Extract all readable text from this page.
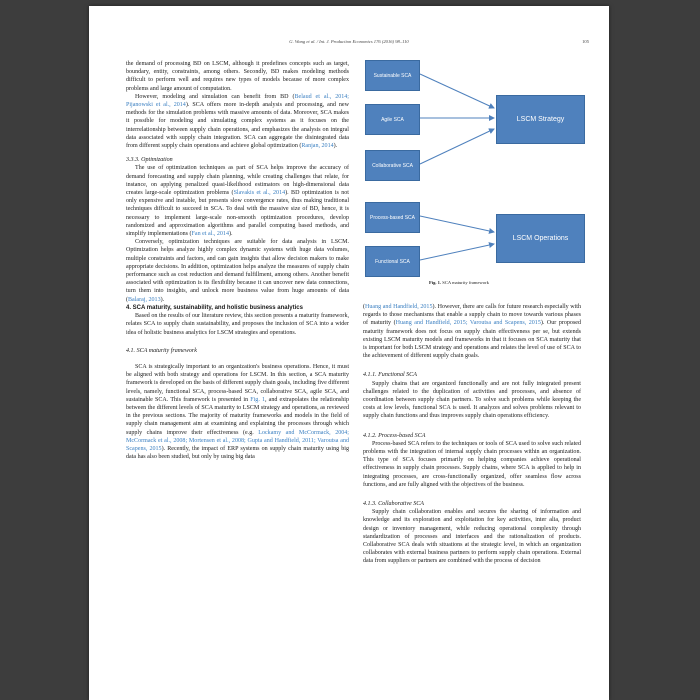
G. Wang et al. / Int. J. Production Economics 176 (2016) 98–110	105

the demand of processing BD on LSCM, although it predefines concepts such as target, boundary, entity, constraints, among others. Secondly, BD makes modeling methods difficult to perform well and requires new types of models because of more complex problems and large amount of computation.

However, modeling and simulation can benefit from BD (Belaud et al., 2014; Pijanowski et al., 2014). SCA offers more in-depth analysis and processing, and new methods for the simulation problems with massive amounts of data. Moreover, SCA makes it possible for modeling and simulating complex systems as it focuses on the interrelationship between supply chain operations, and emphasizes the analysis on integral data associated with supply chain integration. SCA can aggregate the disintegrated data from different supply chain operations and achieve global optimization (Ranjan, 2014).

3.3.3. Optimization

The use of optimization techniques as part of SCA helps improve the accuracy of demand forecasting and supply chain planning, while creating challenges that relate, for instance, on applying penalized quasi-likelihood estimators on high-dimensional data creates large-scale optimization problems (Slavakis et al., 2014). BD optimization is not only expensive and instable, but presents slow convergence rates, thus making traditional techniques difficult to succeed in SCA. To deal with the massive size of BD, hence, it is necessary to implement large-scale non-smooth optimization procedures, develop randomized and approximation algorithms and parallel computing based methods, and simplify implementations (Fan et al., 2014).

Conversely, optimization techniques are suitable for data analysis in LSCM. Optimization helps analyze highly complex dynamic systems with huge data volumes, multiple constraints and factors, and can gain insights that allow decision makers to make appropriate decisions. In addition, optimization helps analyze the measures of supply chain performance such as cost reduction and demand fulfillment, among others. Another benefit associated with optimization is its flexibility because it can uncover new data connections, turn them into insights, and unlock more business value from huge amounts of data (Balaraj, 2013).

4. SCA maturity, sustainability, and holistic business analytics

Based on the results of our literature review, this section presents a maturity framework, relates SCA to supply chain sustainability, and proposes the inclusion of SCA into a wider idea of holistic business analytics for LSCM strategies and operations.

4.1. SCA maturity framework

SCA is strategically important to an organization's business operations. Hence, it must be aligned with both strategy and operations for LSCM. In this section, a SCA maturity framework is developed on the basis of different supply chain goals, including five different levels, namely, functional SCA, process-based SCA, collaborative SCA, agile SCA, and sustainable SCA. This framework is presented in Fig. 1, and extrapolates the relationship between the different levels of SCA maturity to LSCM strategy and operations, as reviewed in the previous sections. The majority of maturity frameworks and models in the field of supply chain management aim at examining and explaining the processes through which supply chains improve their effectiveness (e.g. Lockamy and McCormack, 2004; McCormack et al., 2008; Mortensen et al., 2008; Gupta and Handfield, 2011; Varoutsa and Scapens, 2015). Recently, the impact of ERP systems on supply chain maturity using big data has also been studied, but only by using big data

Sustainable SCA
Agile SCA
Collaborative SCA
Process-based SCA
Functional SCA
LSCM Strategy
LSCM Operations
Fig. 1. SCA maturity framework

(Huang and Handfield, 2015). However, there are calls for future research especially with regards to those mechanisms that enable a supply chain to move towards various phases of maturity (Huang and Handfield, 2015; Varoutsa and Scapens, 2015). Our proposed maturity framework does not focus on supply chain effectiveness per se, but extends existing LSCM maturity models and frameworks in that it focuses on SCA maturity that is important for both LSCM strategy and operations and relates the level of use of SCA to the achievement of different supply chain goals.

4.1.1. Functional SCA

Supply chains that are organized functionally and are not fully integrated present challenges related to the duplication of activities and processes, and absence of coordination between supply chain partners. To solve such problems while keeping the costs at low levels, functional SCA is used. It analyzes and solves problems relevant to supply chain functions and thus improves supply chain operations efficiency.

4.1.2. Process-based SCA

Process-based SCA refers to the techniques or tools of SCA used to solve such related problems with the integration of internal supply chain processes within an organization. This type of SCA focuses primarily on helping companies achieve operational effectiveness in supply chain processes. Supply chains, where SCA is applied to help in integrating processes, are cross-functionally organized, offer seamless flow across functions, and are fully aligned with the objectives of the business.

4.1.3. Collaborative SCA

Supply chain collaboration enables and secures the sharing of information and knowledge and its exploration and exploitation for key activities, inter alia, product design or inventory management, while reducing operational complexity through standardization of processes and interfaces and the rationalization of products. Collaborative SCA deals with situations at the strategic level, in which an organization collaborates with external business partners to perform supply chain operations. External data from suppliers or partners are combined with the process of decision
